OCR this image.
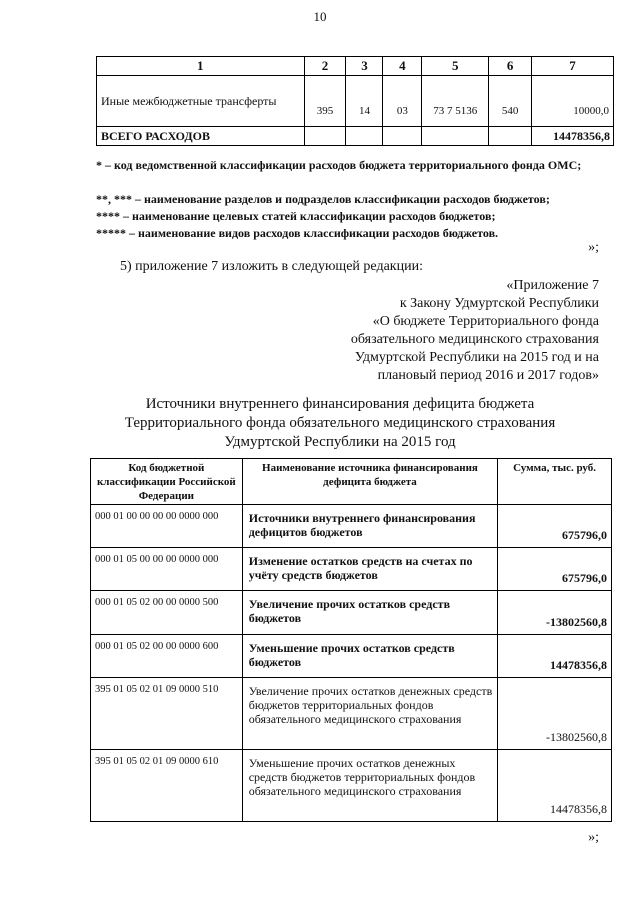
10
1	2	3	4	5	6	7
Иные межбюджетные трансферты	395	14	03	73 7 5136	540	10000,0
ВСЕГО РАСХОДОВ						14478356,8
* – код ведомственной классификации расходов бюджета территориального фонда ОМС;
**, *** – наименование разделов и подразделов классификации расходов бюджетов;
**** – наименование целевых статей классификации расходов бюджетов;
***** – наименование видов расходов классификации расходов бюджетов.
»;
5) приложение 7 изложить в следующей редакции:
«Приложение 7
к Закону Удмуртской Республики
«О бюджете Территориального фонда
обязательного медицинского страхования
Удмуртской Республики на 2015 год и на
плановый период 2016 и 2017 годов»
Источники внутреннего финансирования дефицита бюджета
Территориального фонда обязательного медицинского страхования
Удмуртской Республики на 2015 год
Код бюджетной классификации Российской Федерации	Наименование источника финансирования дефицита бюджета	Сумма, тыс. руб.
000 01 00 00 00 00 0000 000	Источники внутреннего финансирования дефицитов бюджетов	675796,0
000 01 05 00 00 00 0000 000	Изменение остатков средств на счетах по учёту средств бюджетов	675796,0
000 01 05 02 00 00 0000 500	Увеличение прочих остатков средств бюджетов	-13802560,8
000 01 05 02 00 00 0000 600	Уменьшение прочих остатков средств бюджетов	14478356,8
395 01 05 02 01 09 0000 510	Увеличение прочих остатков денежных средств бюджетов территориальных фондов обязательного медицинского страхования	-13802560,8
395 01 05 02 01 09 0000 610	Уменьшение прочих остатков денежных средств бюджетов территориальных фондов обязательного медицинского страхования	14478356,8
»;
